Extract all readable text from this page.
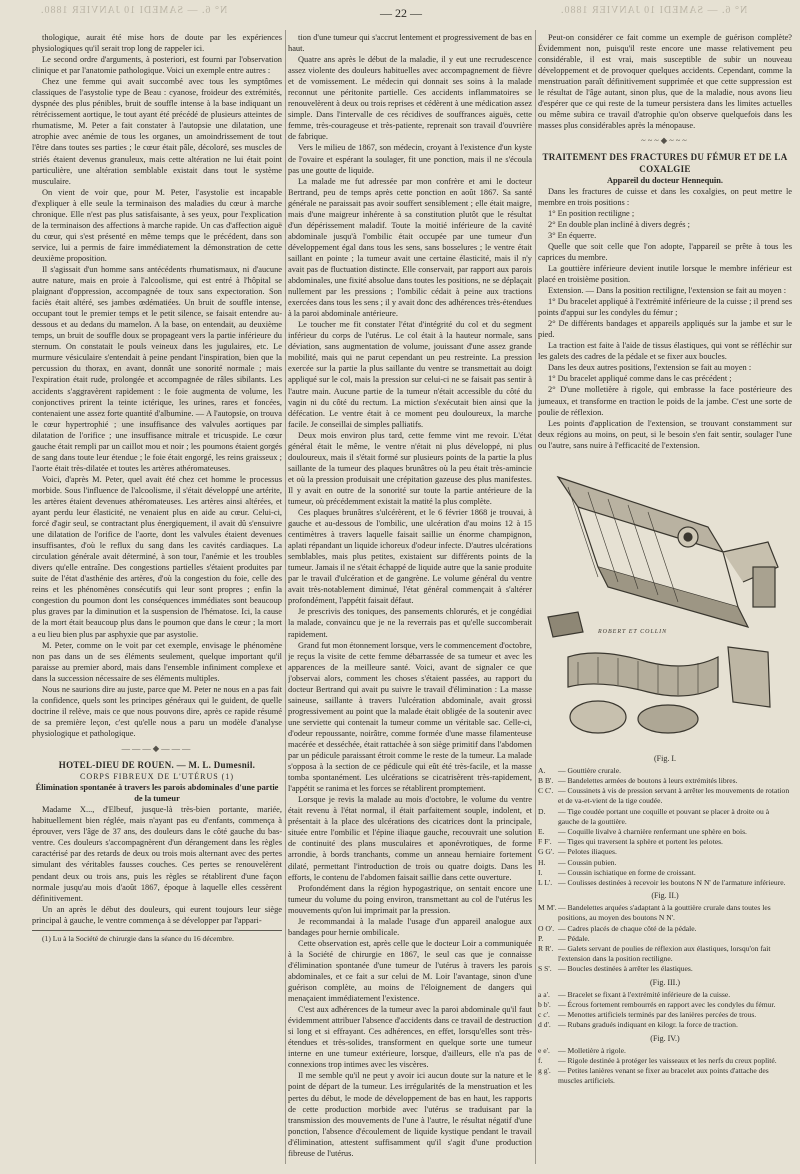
N° 6. — SAMEDI 10 JANVIER 1880.	— 22 —	N° 6. — SAMEDI 10 JANVIER 1880.

thologique, aurait été mise hors de doute par les expériences physiologiques qu'il serait trop long de rappeler ici.

Le second ordre d'arguments, à posteriori, est fourni par l'observation clinique et par l'anatomie pathologique. Voici un exemple entre autres :

Chez une femme qui avait succombé avec tous les symptômes classiques de l'asystolie type de Beau : cyanose, froideur des extrémités, dyspnée des plus pénibles, bruit de souffle intense à la base indiquant un rétrécissement aortique, le tout ayant été précédé de plusieurs atteintes de rhumatisme, M. Peter a fait constater à l'autopsie une dilatation, une atrophie avec anémie de tous les organes, un amoindrissement de tout l'être dans toutes ses parties ; le cœur était pâle, décoloré, ses muscles de striés étaient devenus granuleux, mais cette altération ne lui était point particulière, une altération semblable existait dans tout le système musculaire.

On vient de voir que, pour M. Peter, l'asystolie est incapable d'expliquer à elle seule la terminaison des maladies du cœur à marche chronique. Elle n'est pas plus satisfaisante, à ses yeux, pour l'explication de la terminaison des affections à marche rapide. Un cas d'affection aiguë du cœur, qui s'est présenté en même temps que le précédent, dans son service, lui a permis de faire immédiatement la démonstration de cette deuxième proposition.

Il s'agissait d'un homme sans antécédents rhumatismaux, ni d'aucune autre nature, mais en proie à l'alcoolisme, qui est entré à l'hôpital se plaignant d'oppression, accompagnée de toux sans expectoration. Son faciès était altéré, ses jambes œdématiées. Un bruit de souffle intense, occupant tout le premier temps et le petit silence, se faisait entendre au-dessous et au dedans du mamelon. A la base, on entendait, au deuxième temps, un bruit de souffle doux se propageant vers la partie inférieure du sternum. On constatait le pouls veineux dans les jugulaires, etc. Le murmure vésiculaire s'entendait à peine pendant l'inspiration, bien que la percussion du thorax, en avant, donnât une sonorité normale ; mais l'expiration était rude, prolongée et accompagnée de râles sibilants. Les accidents s'aggravèrent rapidement : le foie augmenta de volume, les conjonctives prirent la teinte ictérique, les urines, rares et foncées, contenaient une assez forte quantité d'albumine. — A l'autopsie, on trouva le cœur hypertrophié ; une insuffisance des valvules aortiques par dilatation de l'orifice ; une insuffisance mitrale et tricuspide. Le cœur gauche était rempli par un caillot mou et noir ; les poumons étaient gorgés de sang dans toute leur étendue ; le foie était engorgé, les reins graisseux ; l'aorte était très-dilatée et toutes les artères athéromateuses.

Voici, d'après M. Peter, quel avait été chez cet homme le processus morbide. Sous l'influence de l'alcoolisme, il s'était développé une artérite, les artères étaient devenues athéromateuses. Les artères ainsi altérées, et ayant perdu leur élasticité, ne venaient plus en aide au cœur. Celui-ci, forcé d'agir seul, se contractant plus énergiquement, il avait dû s'ensuivre une dilatation de l'orifice de l'aorte, dont les valvules étaient devenues insuffisantes, d'où le reflux du sang dans les cavités cardiaques. La circulation générale avait déterminé, à son tour, l'anémie et les troubles divers qu'elle entraîne. Des congestions partielles s'étaient produites par suite de l'état d'asthénie des artères, d'où la congestion du foie, celle des reins et les phénomènes consécutifs qui leur sont propres ; enfin la congestion du poumon dont les conséquences immédiates sont beaucoup plus graves par la diminution et la suspension de l'hématose. Ici, la cause de la mort était beaucoup plus dans le poumon que dans le cœur ; la mort a eu lieu bien plus par asphyxie que par asystolie.

M. Peter, comme on le voit par cet exemple, envisage le phénomène non pas dans un de ses éléments seulement, quelque important qu'il paraisse au premier abord, mais dans l'ensemble infiniment complexe et dans la succession nécessaire de ses éléments multiples.

Nous ne saurions dire au juste, parce que M. Peter ne nous en a pas fait la confidence, quels sont les principes généraux qui le guident, de quelle doctrine il relève, mais ce que nous pouvons dire, après ce rapide résumé de sa première leçon, c'est qu'elle nous a paru un modèle d'analyse physiologique et pathologique.

———◆———

HOTEL-DIEU DE ROUEN. — M. L. Dumesnil.

CORPS FIBREUX DE L'UTÉRUS (1)

Élimination spontanée à travers les parois abdominales d'une partie de la tumeur

Madame X..., d'Elbeuf, jusque-là très-bien portante, mariée, habituellement bien réglée, mais n'ayant pas eu d'enfants, commença à éprouver, vers l'âge de 37 ans, des douleurs dans le côté gauche du bas-ventre. Ces douleurs s'accompagnèrent d'un dérangement dans les règles caractérisé par des retards de deux ou trois mois alternant avec des pertes simulant des véritables fausses couches. Ces pertes se renouvelèrent pendant deux ou trois ans, puis les règles se rétablirent d'une façon normale jusqu'au mois d'août 1867, époque à laquelle elles cessèrent définitivement.

Un an après le début des douleurs, qui eurent toujours leur siège principal à gauche, le ventre commença à se développer par l'appari-

(1) Lu à la Société de chirurgie dans la séance du 16 décembre.

tion d'une tumeur qui s'accrut lentement et progressivement de bas en haut.

Quatre ans après le début de la maladie, il y eut une recrudescence assez violente des douleurs habituelles avec accompagnement de fièvre et de vomissement. Le médecin qui donnait ses soins à la malade reconnut une péritonite partielle. Ces accidents inflammatoires se renouvelèrent à deux ou trois reprises et cédèrent à une médication assez simple. Dans l'intervalle de ces récidives de souffrances aiguës, cette femme, très-courageuse et très-patiente, reprenait son travail d'ouvrière de fabrique.

Vers le milieu de 1867, son médecin, croyant à l'existence d'un kyste de l'ovaire et espérant la soulager, fit une ponction, mais il ne s'écoula pas une goutte de liquide.

La malade me fut adressée par mon confrère et ami le docteur Bertrand, peu de temps après cette ponction en août 1867. Sa santé générale ne paraissait pas avoir souffert sensiblement ; elle était maigre, mais d'une maigreur inhérente à sa constitution plutôt que le résultat d'un dépérissement maladif. Toute la moitié inférieure de la cavité abdominale jusqu'à l'ombilic était occupée par une tumeur d'un développement égal dans tous les sens, sans bosselures ; le ventre était saillant en pointe ; la tumeur avait une certaine élasticité, mais il n'y avait pas de fluctuation distincte. Elle conservait, par rapport aux parois abdominales, une fixité absolue dans toutes les positions, ne se déplaçait nullement par les pressions ; l'ombilic cédait à peine aux tractions exercées dans tous les sens ; il y avait donc des adhérences très-étendues à la paroi abdominale antérieure.

Le toucher me fit constater l'état d'intégrité du col et du segment inférieur du corps de l'utérus. Le col était à la hauteur normale, sans déviation, sans augmentation de volume, jouissant d'une assez grande mobilité, mais qui ne parut cependant un peu restreinte. La pression exercée sur la partie la plus saillante du ventre se transmettait au doigt appliqué sur le col, mais la pression sur celui-ci ne se faisait pas sentir à l'autre main. Aucune partie de la tumeur n'était accessible du côté du vagin ni du côté du rectum. La miction s'exécutait bien ainsi que la défécation. Le ventre était à ce moment peu douloureux, la marche facile. Je conseillai de simples palliatifs.

Deux mois environ plus tard, cette femme vint me revoir. L'état général était le même, le ventre n'était ni plus développé, ni plus douloureux, mais il s'était formé sur plusieurs points de la partie la plus saillante de la tumeur des plaques brunâtres où la peu était très-amincie et où la pression produisait une crépitation gazeuse des plus manifestes. Il y avait en outre de la sonorité sur toute la partie antérieure de la tumeur, où précédemment existait la matité la plus complète.

Ces plaques brunâtres s'ulcérèrent, et le 6 février 1868 je trouvai, à gauche et au-dessous de l'ombilic, une ulcération d'au moins 12 à 15 centimètres à travers laquelle faisait saillie un énorme champignon, aplati répandant un liquide ichoreux d'odeur infecte. D'autres ulcérations semblables, mais plus petites, existaient sur différents points de la tumeur. Jamais il ne s'était échappé de liquide autre que la sanie produite par le travail d'ulcération et de gangrène. Le volume général du ventre avait très-notablement diminué, l'état général commençait à s'altérer profondément, l'appétit faisait défaut.

Je prescrivis des toniques, des pansements chlorurés, et je congédiai la malade, convaincu que je ne la reverrais pas et qu'elle succomberait rapidement.

Grand fut mon étonnement lorsque, vers le commencement d'octobre, je reçus la visite de cette femme débarrassée de sa tumeur et avec les apparences de la meilleure santé. Voici, avant de signaler ce que j'observai alors, comment les choses s'étaient passées, au rapport du docteur Bertrand qui avait pu suivre le travail d'élimination : La masse saineuse, saillante à travers l'ulcération abdominale, avait grossi progressivement au point que la malade était obligée de la soutenir avec une serviette qui contenait la tumeur comme un véritable sac. Celle-ci, d'odeur repoussante, noirâtre, comme formée d'une masse filamenteuse macérée et desséchée, était rattachée à son siège primitif dans l'abdomen par un pédicule paraissant étroit comme le reste de la tumeur. La malade s'opposa à la section de ce pédicule qui eût été très-facile, et la masse tomba spontanément. Les ulcérations se cicatrisèrent très-rapidement, l'appétit se ranima et les forces se rétablirent promptement.

Lorsque je revis la malade au mois d'octobre, le volume du ventre était revenu à l'état normal, il était parfaitement souple, indolent, et présentait à la place des ulcérations des cicatrices dont la principale, située entre l'ombilic et l'épine iliaque gauche, recouvrait une solution de continuité des plans musculaires et aponévrotiques, de forme arrondie, à bords tranchants, comme un anneau herniaire fortement dilaté, permettant l'introduction de trois ou quatre doigts. Dans les efforts, le contenu de l'abdomen faisait saillie dans cette ouverture.

Profondément dans la région hypogastrique, on sentait encore une tumeur du volume du poing environ, transmettant au col de l'utérus les mouvements qu'on lui imprimait par la pression.

Je recommandai à la malade l'usage d'un appareil analogue aux bandages pour hernie ombilicale.

Cette observation est, après celle que le docteur Loir a communiquée à la Société de chirurgie en 1867, le seul cas que je connaisse d'élimination spontanée d'une tumeur de l'utérus à travers les parois abdominales, et ce fait a sur celui de M. Loir l'avantage, sinon d'une guérison complète, au moins de l'éloignement de dangers qui menaçaient immédiatement l'existence.

C'est aux adhérences de la tumeur avec la paroi abdominale qu'il faut évidemment attribuer l'absence d'accidents dans ce travail de destruction si long et si effrayant. Ces adhérences, en effet, lorsqu'elles sont très-étendues et très-solides, transforment en quelque sorte une tumeur interne en une tumeur extérieure, lorsque, d'ailleurs, elle n'a pas de connexions trop intimes avec les viscères.

Il me semble qu'il ne peut y avoir ici aucun doute sur la nature et le point de départ de la tumeur. Les irrégularités de la menstruation et les pertes du début, le mode de développement de bas en haut, les rapports de cette production morbide avec l'utérus se traduisant par la transmission des mouvements de l'une à l'autre, le résultat négatif d'une ponction, l'absence d'écoulement de liquide kystique pendant le travail d'élimination, attestent suffisamment qu'il s'agit d'une production fibreuse de l'utérus.

Peut-on considérer ce fait comme un exemple de guérison complète? Évidemment non, puisqu'il reste encore une masse relativement peu considérable, il est vrai, mais susceptible de subir un nouveau développement et de provoquer quelques accidents. Cependant, comme la menstruation paraît définitivement supprimée et que cette suppression est le résultat de l'âge autant, sinon plus, que de la maladie, nous avons lieu d'espérer que ce qui reste de la tumeur persistera dans les limites actuelles ou même subira ce travail d'atrophie qu'on observe quelquefois dans les masses plus considérables après la ménopause.

~~~◆~~~

TRAITEMENT DES FRACTURES DU FÉMUR ET DE LA COXALGIE

Appareil du docteur Hennequin.

Dans les fractures de cuisse et dans les coxalgies, on peut mettre le membre en trois positions :

1° En position rectiligne ;

2° En double plan incliné à divers degrés ;

3° En équerre.

Quelle que soit celle que l'on adopte, l'appareil se prête à tous les caprices du membre.

La gouttière inférieure devient inutile lorsque le membre inférieur est placé en troisième position.

Extension. — Dans la position rectiligne, l'extension se fait au moyen :

1° Du bracelet appliqué à l'extrémité inférieure de la cuisse ; il prend ses points d'appui sur les condyles du fémur ;

2° De différents bandages et appareils appliqués sur la jambe et sur le pied.

La traction est faite à l'aide de tissus élastiques, qui vont se réfléchir sur les galets des cadres de la pédale et se fixer aux boucles.

Dans les deux autres positions, l'extension se fait au moyen :

1° Du bracelet appliqué comme dans le cas précédent ;

2° D'une molletière à rigole, qui embrasse la face postérieure des jumeaux, et transforme en traction le poids de la jambe. C'est une sorte de poulie de réflexion.

Les points d'application de l'extension, se trouvant constamment sur deux régions au moins, on peut, si le besoin s'en fait sentir, soulager l'une ou l'autre, sans nuire à l'efficacité de l'extension.

ROBERT ET COLLIN

(Fig. I.

A. — Gouttière crurale.

B B'. — Bandelettes armées de boutons à leurs extrémités libres.

C C'. — Coussinets à vis de pression servant à arrêter les mouvements de rotation et de va-et-vient de la tige coudée.

D. — Tige coudée portant une coquille et pouvant se placer à droite ou à gauche de la gouttière.

E. — Coquille livalve à charnière renfermant une sphère en bois.

F F'. — Tiges qui traversent la sphère et portent les pelotes.

G G'. — Pelotes iliaques.

H. — Coussin pubien.

I. — Coussin ischiatique en forme de croissant.

L L'. — Coulisses destinées à recevoir les boutons N N' de l'armature inférieure.

(Fig. II.)

M M'.— Bandelettes arquées s'adaptant à la gouttière crurale dans toutes les positions, au moyen des boutons N N'.

O O'. — Cadres placés de chaque côté de la pédale.

P. — Pédale.

R R'. — Galets servant de poulies de réflexion aux élastiques, lorsqu'on fait l'extension dans la position rectiligne.

S S'. — Boucles destinées à arrêter les élastiques.

(Fig. III.)

a a'. — Bracelet se fixant à l'extrémité inférieure de la cuisse.

b b'. — Écrous fortement rembourrés en rapport avec les condyles du fémur.

c c'. — Menottes artificiels terminés par des lanières percées de trous.

d d'. — Rubans gradués indiquant en kilogr. la force de traction.

(Fig. IV.)

e e'. — Molletière à rigole.

f. — Rigole destinée à protéger les vaisseaux et les nerfs du creux poplité.

g g'. — Petites lanières venant se fixer au bracelet aux points d'attache des muscles artificiels.
